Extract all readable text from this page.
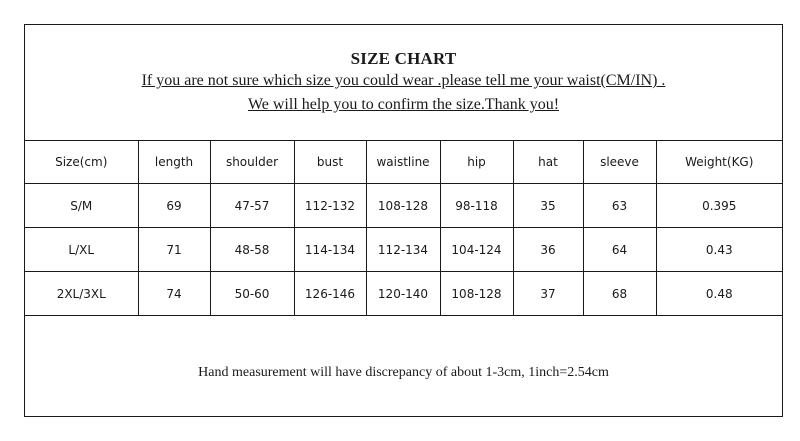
SIZE CHART
If you are not sure which size you could wear .please tell me your waist(CM/IN) .
We will help you to confirm the size.Thank you!
Size(cm)	length	shoulder	bust	waistline	hip	hat	sleeve	Weight(KG)
S/M	69	47-57	112-132	108-128	98-118	35	63	0.395
L/XL	71	48-58	114-134	112-134	104-124	36	64	0.43
2XL/3XL	74	50-60	126-146	120-140	108-128	37	68	0.48
Hand measurement will have discrepancy of about 1-3cm, 1inch=2.54cm
